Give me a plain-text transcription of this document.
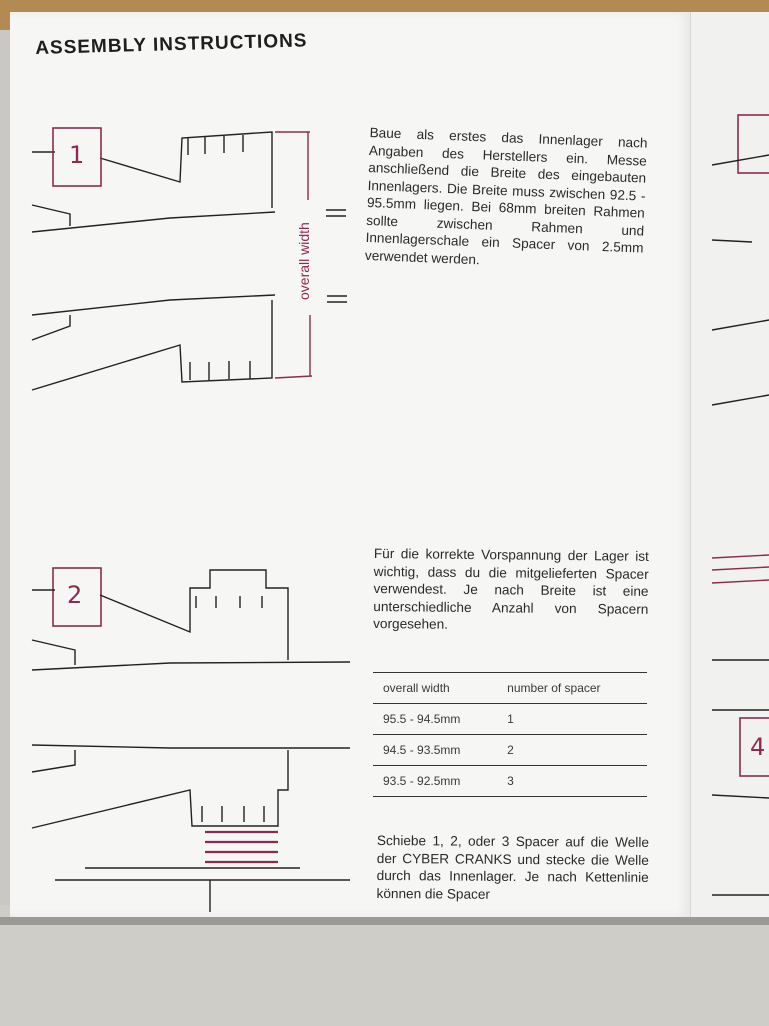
ASSEMBLY INSTRUCTIONS
1
2
4
overall width
Baue als erstes das Innenlager nach Angaben des Herstellers ein. Messe anschließend die Breite des eingebauten Innenlagers. Die Breite muss zwischen 92.5 - 95.5mm liegen. Bei 68mm breiten Rahmen sollte zwischen Rahmen und Innenlagerschale ein Spacer von 2.5mm verwendet werden.
Für die korrekte Vorspannung der Lager ist wichtig, dass du die mitgelieferten Spacer verwendest. Je nach Breite ist eine unterschiedliche Anzahl von Spacern vorgesehen.
overall width	number of spacer
95.5 - 94.5mm	1
94.5 - 93.5mm	2
93.5 - 92.5mm	3
Schiebe 1, 2, oder 3 Spacer auf die Welle der CYBER CRANKS und stecke die Welle durch das Innenlager. Je nach Kettenlinie können die Spacer
